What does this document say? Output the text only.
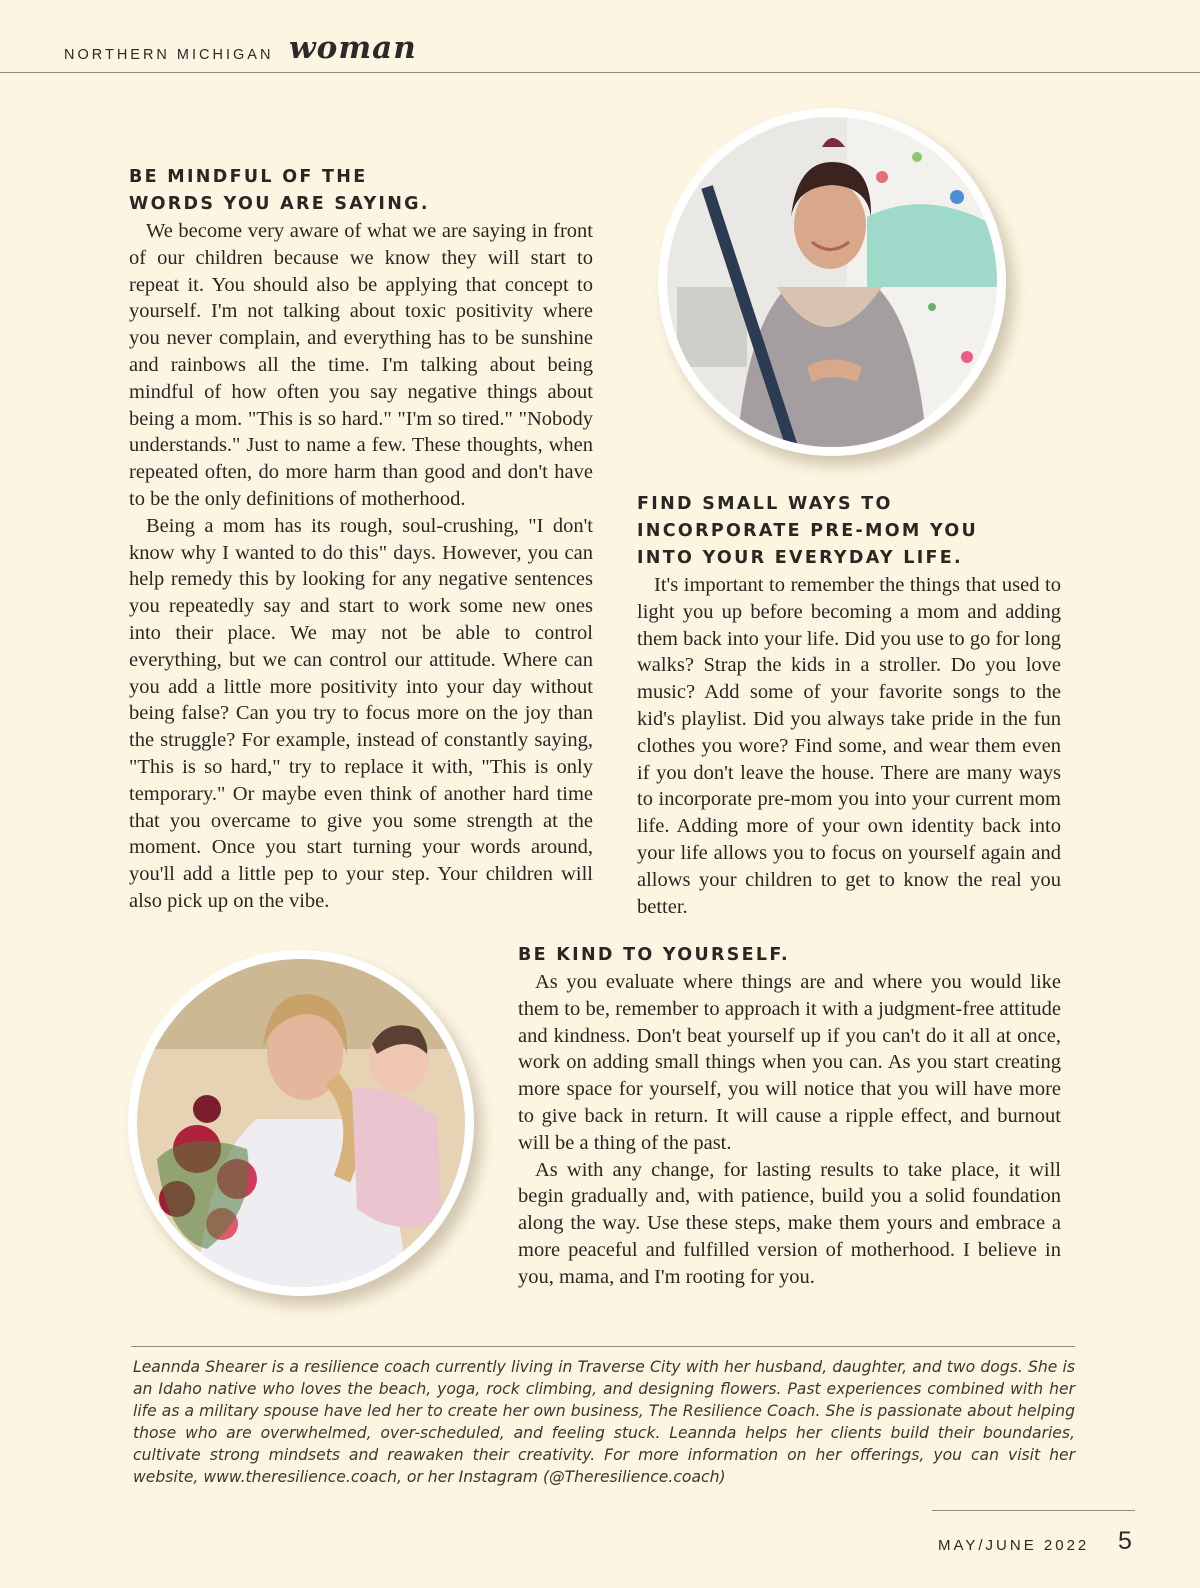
NORTHERN MICHIGAN woman
BE MINDFUL OF THE
WORDS YOU ARE SAYING.

We become very aware of what we are saying in front of our children because we know they will start to repeat it. You should also be applying that concept to yourself. I'm not talking about toxic positivity where you never complain, and everything has to be sunshine and rainbows all the time. I'm talking about being mindful of how often you say negative things about being a mom. "This is so hard." "I'm so tired." "Nobody understands." Just to name a few. These thoughts, when repeated often, do more harm than good and don't have to be the only definitions of motherhood.

Being a mom has its rough, soul-crushing, "I don't know why I wanted to do this" days. However, you can help remedy this by looking for any negative sentences you repeatedly say and start to work some new ones into their place. We may not be able to control everything, but we can control our attitude. Where can you add a little more positivity into your day without being false? Can you try to focus more on the joy than the struggle? For example, instead of constantly saying, "This is so hard," try to replace it with, "This is only temporary." Or maybe even think of another hard time that you overcame to give you some strength at the moment. Once you start turning your words around, you'll add a little pep to your step. Your children will also pick up on the vibe.

FIND SMALL WAYS TO
INCORPORATE PRE-MOM YOU
INTO YOUR EVERYDAY LIFE.

It's important to remember the things that used to light you up before becoming a mom and adding them back into your life. Did you use to go for long walks? Strap the kids in a stroller. Do you love music? Add some of your favorite songs to the kid's playlist. Did you always take pride in the fun clothes you wore? Find some, and wear them even if you don't leave the house. There are many ways to incorporate pre-mom you into your current mom life. Adding more of your own identity back into your life allows you to focus on yourself again and allows your children to get to know the real you better.

BE KIND TO YOURSELF.

As you evaluate where things are and where you would like them to be, remember to approach it with a judgment-free attitude and kindness. Don't beat yourself up if you can't do it all at once, work on adding small things when you can. As you start creating more space for yourself, you will notice that you will have more to give back in return. It will cause a ripple effect, and burnout will be a thing of the past.

As with any change, for lasting results to take place, it will begin gradually and, with patience, build you a solid foundation along the way. Use these steps, make them yours and embrace a more peaceful and fulfilled version of motherhood. I believe in you, mama, and I'm rooting for you.

Leannda Shearer is a resilience coach currently living in Traverse City with her husband, daughter, and two dogs. She is an Idaho native who loves the beach, yoga, rock climbing, and designing flowers. Past experiences combined with her life as a military spouse have led her to create her own business, The Resilience Coach. She is passionate about helping those who are overwhelmed, over-scheduled, and feeling stuck. Leannda helps her clients build their boundaries, cultivate strong mindsets and reawaken their creativity. For more information on her offerings, you can visit her website, www.theresilience.coach, or her Instagram (@Theresilience.coach)

MAY/JUNE 2022 5
